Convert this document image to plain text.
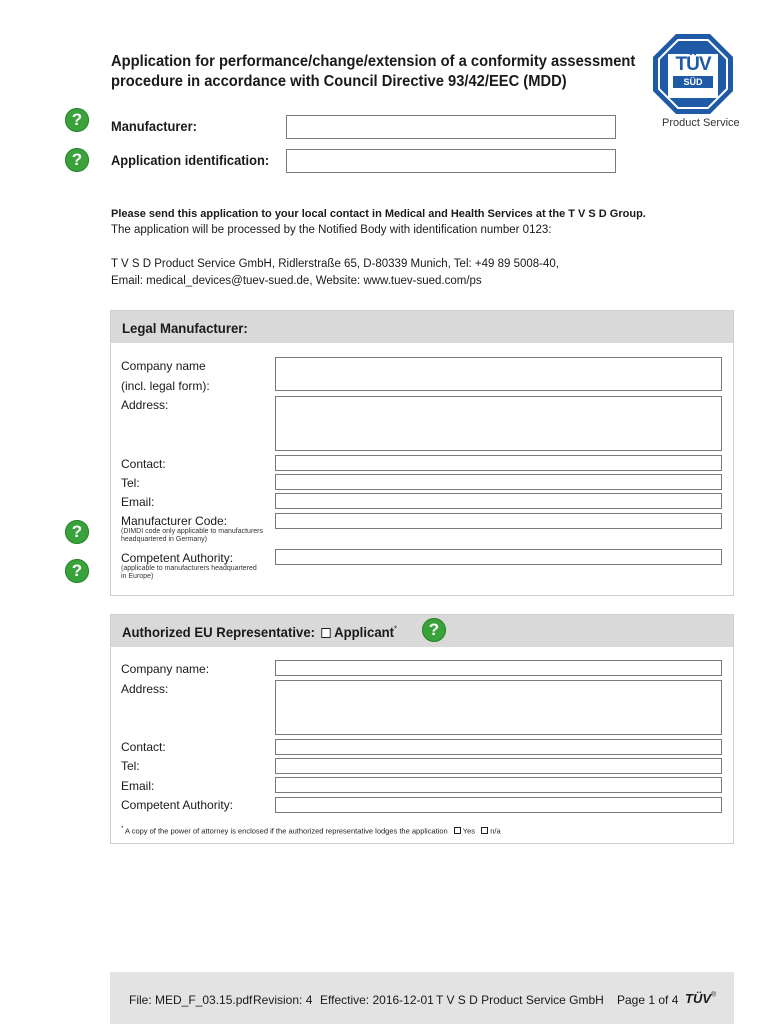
Application for performance/change/extension of a conformity assessment
procedure in accordance with Council Directive 93/42/EEC (MDD)
TÜV
SÜD
Product Service
?	Manufacturer:
?	Application identification:
Please send this application to your local contact in Medical and Health Services at the T V S D Group.
The application will be processed by the Notified Body with identification number 0123:
T V S D Product Service GmbH, Ridlerstraße 65, D-80339 Munich, Tel: +49 89 5008-40,
Email: medical_devices@tuev-sued.de, Website: www.tuev-sued.com/ps
Legal Manufacturer:
Company name
(incl. legal form):
Address:
Contact:
Tel:
Email:
?
Manufacturer Code:
(DIMDI code only applicable to manufacturers
headquartered in Germany)
?
Competent Authority:
(applicable to manufacturers headquartered
in Europe)
Authorized EU Representative: Applicant*	?
Company name:
Address:
Contact:
Tel:
Email:
Competent Authority:
* A copy of the power of attorney is enclosed if the authorized representative lodges the application Yes n/a
File: MED_F_03.15.pdf Revision: 4 Effective: 2016-12-01 T V S D Product Service GmbH Page 1 of 4 TÜV®
